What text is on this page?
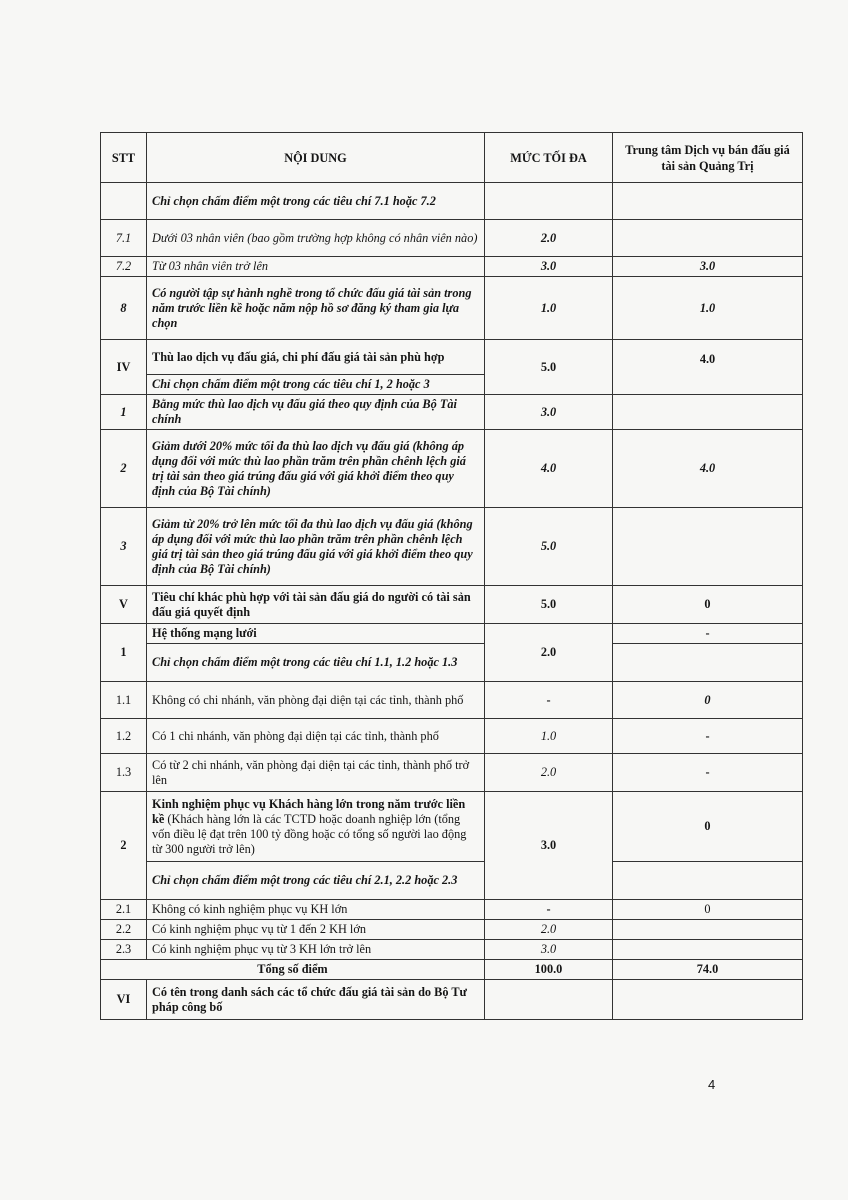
STT	NỘI DUNG	MỨC TỐI ĐA	Trung tâm Dịch vụ bán đấu giá tài sản Quảng Trị
	Chỉ chọn chấm điểm một trong các tiêu chí 7.1 hoặc 7.2		
7.1	Dưới 03 nhân viên (bao gồm trường hợp không có nhân viên nào)	2.0	
7.2	Từ 03 nhân viên trở lên	3.0	3.0
8	Có người tập sự hành nghề trong tổ chức đấu giá tài sản trong năm trước liền kề hoặc năm nộp hồ sơ đăng ký tham gia lựa chọn	1.0	1.0
IV	Thù lao dịch vụ đấu giá, chi phí đấu giá tài sản phù hợp	5.0	4.0
	Chỉ chọn chấm điểm một trong các tiêu chí 1, 2 hoặc 3		
1	Bằng mức thù lao dịch vụ đấu giá theo quy định của Bộ Tài chính	3.0	
2	Giảm dưới 20% mức tối đa thù lao dịch vụ đấu giá (không áp dụng đối với mức thù lao phần trăm trên phần chênh lệch giá trị tài sản theo giá trúng đấu giá với giá khởi điểm theo quy định của Bộ Tài chính)	4.0	4.0
3	Giảm từ 20% trở lên mức tối đa thù lao dịch vụ đấu giá (không áp dụng đối với mức thù lao phần trăm trên phần chênh lệch giá trị tài sản theo giá trúng đấu giá với giá khởi điểm theo quy định của Bộ Tài chính)	5.0	
V	Tiêu chí khác phù hợp với tài sản đấu giá do người có tài sản đấu giá quyết định	5.0	0
1	Hệ thống mạng lưới	2.0	-
	Chỉ chọn chấm điểm một trong các tiêu chí 1.1, 1.2 hoặc 1.3		
1.1	Không có chi nhánh, văn phòng đại diện tại các tỉnh, thành phố	-	0
1.2	Có 1 chi nhánh, văn phòng đại diện tại các tỉnh, thành phố	1.0	-
1.3	Có từ 2 chi nhánh, văn phòng đại diện tại các tỉnh, thành phố trở lên	2.0	-
2	Kinh nghiệm phục vụ Khách hàng lớn trong năm trước liền kề (Khách hàng lớn là các TCTD hoặc doanh nghiệp lớn (tổng vốn điều lệ đạt trên 100 tỷ đồng hoặc có tổng số người lao động từ 300 người trở lên)	3.0	0
	Chỉ chọn chấm điểm một trong các tiêu chí 2.1, 2.2 hoặc 2.3		
2.1	Không có kinh nghiệm phục vụ KH lớn	-	0
2.2	Có kinh nghiệm phục vụ từ 1 đến 2 KH lớn	2.0	
2.3	Có kinh nghiệm phục vụ từ 3 KH lớn trở lên	3.0	
Tổng số điểm		100.0	74.0
VI	Có tên trong danh sách các tổ chức đấu giá tài sản do Bộ Tư pháp công bố		
4
